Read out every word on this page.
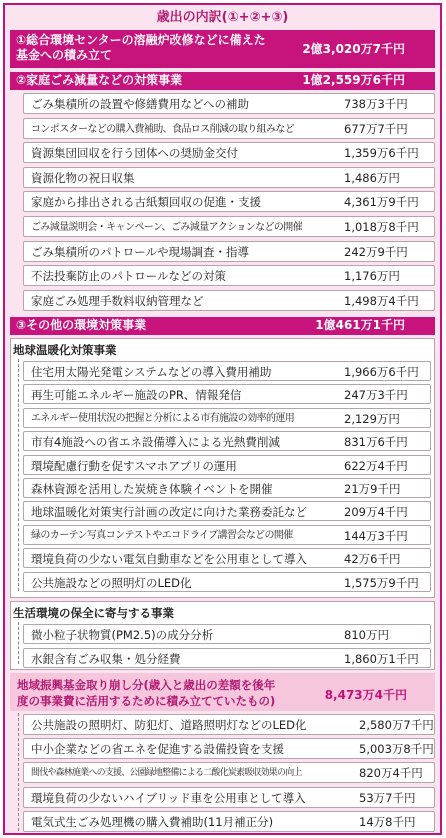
歳出の内訳(①+②+③)
①総合環境センターの溶融炉改修などに備えた
基金への積み立て	2億3,020万7千円
②家庭ごみ減量などの対策事業	1億2,559万6千円
ごみ集積所の設置や修繕費用などへの補助	738万3千円
コンポスターなどの購入費補助、食品ロス削減の取り組みなど	677万7千円
資源集団回収を行う団体への奨励金交付	1,359万6千円
資源化物の祝日収集	1,486万円
家庭から排出される古紙類回収の促進・支援	4,361万9千円
ごみ減量説明会・キャンペーン、ごみ減量アクションなどの開催	1,018万8千円
ごみ集積所のパトロールや現場調査・指導	242万9千円
不法投棄防止のパトロールなどの対策	1,176万円
家庭ごみ処理手数料収納管理など	1,498万4千円
③その他の環境対策事業	1億461万1千円
地球温暖化対策事業
住宅用太陽光発電システムなどの導入費用補助	1,966万6千円
再生可能エネルギー施設のPR、情報発信	247万3千円
エネルギー使用状況の把握と分析による市有施設の効率的運用	2,129万円
市有4施設への省エネ設備導入による光熱費削減	831万6千円
環境配慮行動を促すスマホアプリの運用	622万4千円
森林資源を活用した炭焼き体験イベントを開催	21万9千円
地球温暖化対策実行計画の改定に向けた業務委託など	209万4千円
緑のカーテン写真コンテストやエコドライブ講習会などの開催	144万3千円
環境負荷の少ない電気自動車などを公用車として導入	42万6千円
公共施設などの照明灯のLED化	1,575万9千円
生活環境の保全に寄与する事業
微小粒子状物質(PM2.5)の成分分析	810万円
水銀含有ごみ収集・処分経費	1,860万1千円
地域振興基金取り崩し分(歳入と歳出の差額を後年
度の事業費に活用するために積み立てていたもの)	8,473万4千円
公共施設の照明灯、防犯灯、道路照明灯などのLED化	2,580万7千円
中小企業などの省エネを促進する設備投資を支援	5,003万8千円
間伐や森林施業への支援、公園緑地整備による二酸化炭素吸収効果の向上	820万4千円
環境負荷の少ないハイブリッド車を公用車として導入	53万7千円
電気式生ごみ処理機の購入費補助(11月補正分)	14万8千円
